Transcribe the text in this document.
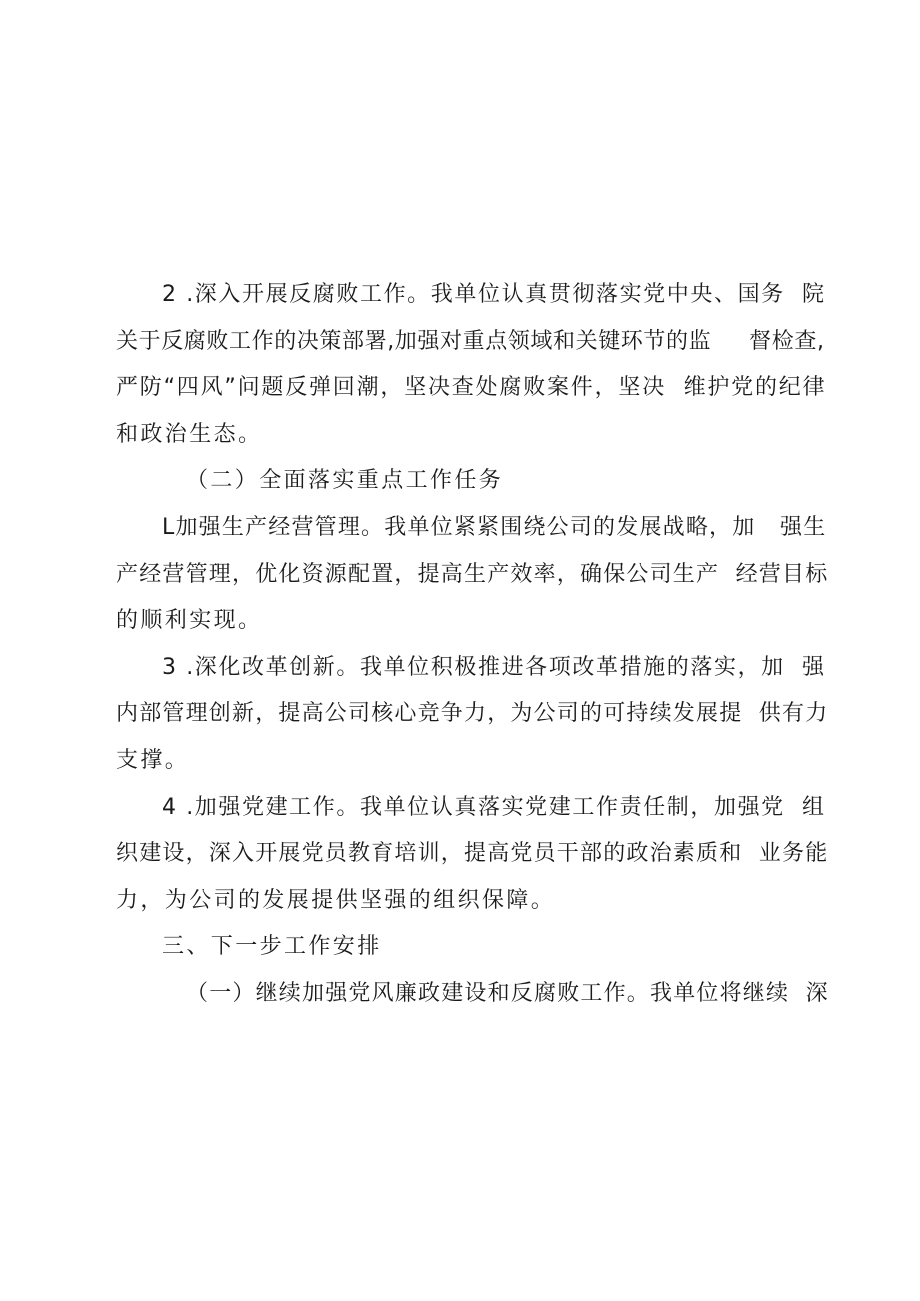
2 .深入开展反腐败工作。我单位认真贯彻落实党中央、国务  院
关于反腐败工作的决策部署,加强对重点领域和关键环节的监     督检查,
严防“四风”问题反弹回潮，坚决查处腐败案件，坚决  维护党的纪律
和政治生态。
（二）全面落实重点工作任务
L加强生产经营管理。我单位紧紧围绕公司的发展战略，加   强生
产经营管理，优化资源配置，提高生产效率，确保公司生产  经营目标
的顺利实现。
3 .深化改革创新。我单位积极推进各项改革措施的落实，加  强
内部管理创新，提高公司核心竞争力，为公司的可持续发展提  供有力
支撑。
4 .加强党建工作。我单位认真落实党建工作责任制，加强党  组
织建设，深入开展党员教育培训，提高党员干部的政治素质和  业务能
力，为公司的发展提供坚强的组织保障。
三、下一步工作安排
（一）继续加强党风廉政建设和反腐败工作。我单位将继续  深
